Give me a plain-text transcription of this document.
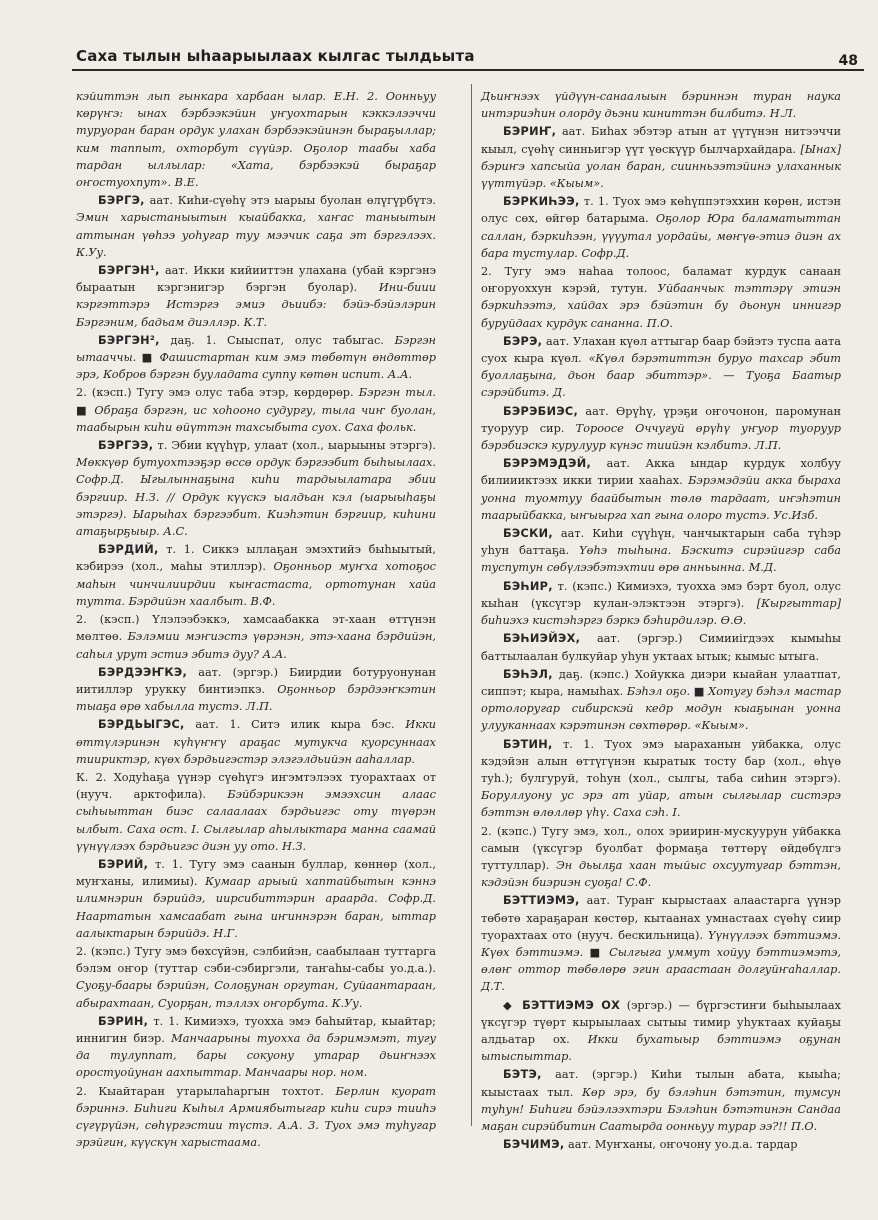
Саха тылын ыһаарыылаах кылгас тылдьыта	48

кэйиттэн лып гынкара харбаан ылар. Е.Н. 2. Оонньуу көрүҥэ: ынах бэрбээкэйин уҥуохтарын кэккэлээччи туруоран баран ордук улахан бэрбээкэйинэн быраҕыллар; ким таппыт, охторбут сүүйэр. Оҕолор таабы хаба тардан ыллылар: «Хата, бэрбээкэй быраҕар оҥостуохпут». В.Е.

БЭРГЭ, аат. Киһи-сүөһү этэ ыарыы буолан өлүгүрбүтэ. Эмин харыстаныытын кыайбакка, хаҥас таныытын аттынан үөһээ уоһугар туу мээчик саҕа эт бэргэлээх. К.Уу.

БЭРГЭН¹, аат. Икки кийииттэн улахана (убай кэргэнэ быраатын кэргэнигэр бэргэн буолар). Ини-биии кэргэттэрэ Истэргэ эмиэ дьиибэ: бэйэ-бэйэлэрин Бэргэним, бадьам диэллэр. К.Т.

БЭРГЭН², даҕ. 1. Сыыспат, олус табыгас. Бэргэн ытааччы. ■ Фашистартан ким эмэ төбөтүн өндөттөр эрэ, Кобров бэргэн бууладата суппу көтөн испит. А.А.

2. (кэсп.) Тугу эмэ олус таба этэр, көрдөрөр. Бэргэн тыл. ■ Обраҕа бэргэн, ис хоһооно судургу, тыла чиҥ буолан, таабырын киһи өйүттэн тахсыбыта суох. Саха фольк.

БЭРГЭЭ, т. Эбии күүһүр, улаат (хол., ыарыыны этэргэ). Мөккүөр бутуохтээҕэр өссө ордук бэргээбит быһыылаах. Софр.Д. Ыгылыннаҕына киһи тардыылатара эбии бэргиир. Н.З. // Ордук күүскэ ыалдьан кэл (ыарыыһаҕы этэргэ). Ыарыһах бэргээбит. Киэһэтин бэргиир, киһини атаҕырҕыыр. А.С.

БЭРДИЙ, т. 1. Сиккэ ыллаҕан эмэхтийэ быһыытый, кэбирээ (хол., маһы этиллэр). Оҕонньор муҥха хотоҕос маһын чинчилиирдии кыҥастаста, ортотунан хайа тутта. Бэрдийэн хаалбыт. В.Ф.

2. (кэсп.) Үлэлээбэккэ, хамсаабакка эт-хаан өттүнэн мөлтөө. Бэлэмии мэҥиэстэ үөрэнэн, этэ-хаана бэрдийэн, саһыл урут эстиэ эбитэ дуу? А.А.

БЭРДЭЭҤКЭ, аат. (эргэр.) Биирдии ботуруонунан иитиллэр урукку бинтиэпкэ. Оҕонньор бэрдээҥкэтин тыаҕа өрө хабылла тустэ. Л.П.

БЭРДЬЫГЭС, аат. 1. Ситэ илик кыра бэс. Икки өттүлэринэн күһүҥҥү араҕас мутукча куорсуннаах тиириктэр, күөх бэрдьигэстэр элэгэлдьийэн ааһаллар.

К. 2. Ходуһаҕа үүнэр сүөһүгэ иҥэмтэлээх туорахтаах от (нууч. арктофила). Бэйбэрикээн эмээхсин алаас сыһыыттан биэс салаалаах бэрдьигэс оту түөрэн ылбыт. Саха ост. І. Сылгылар аһылыктара манна саамай үүнүүлээх бэрдьигэс диэн уу ото. Н.З.

БЭРИЙ, т. 1. Тугу эмэ саанын буллар, көннөр (хол., муҥханы, илимиы). Кумаар арыый хаптайбытын кэннэ илимнэрин бэрийдэ, иирсибиттэрин араарда. Софр.Д. Наартатын хамсаабат гына иҥиннэрэн баран, ыттар аалыктарын бэрийдэ. Н.Г.

2. (кэпс.) Тугу эмэ бөхсүйэн, сэлбийэн, саабылаан туттарга бэлэм оҥор (туттар сэби-сэбиргэли, таҥаһы-сабы уо.д.а.). Суоҕу-баары бэрийэн, Солоҕунан оргутан, Суйаантараан, абырахтаан, Суорҕан, тэллэх оҥорбута. К.Уу.

БЭРИН, т. 1. Кимиэхэ, туохха эмэ баһыйтар, кыайтар; иннигин биэр. Манчаарыны туохха да бэримэмэт, тугу да тулуппат, бары сокуону утарар дьиҥнээх оростуойунан аахпыттар. Манчаары нор. ном.

2. Кыайтаран утарылаһаргын тохтот. Берлин куорат бэриннэ. Биһиги Кыһыл Армиябытыгар киһи сирэ тииһэ сүгүрүйэн, сөһүргэстии түстэ. А.А. 3. Туох эмэ туһугар эрэйгин, күүскүн харыстаама.

Дьиҥнээх үйдүүн-санаалыын бэриннэн туран наука интэриэһин олорду дьэни киниттэн билбитэ. Н.Л.

БЭРИҤ, аат. Биһах эбэтэр атын ат үүтүнэн нитээччи кыыл, сүөһү синньигэр үүт үөскүүр былчархайдара. [Ынах] бэриҥэ хапсыйа уолан баран, сиинньээтэйинэ улаханнык үүттүйэр. «Кыым».

БЭРКИҺЭЭ, т. 1. Туох эмэ көһүппэтэххин көрөн, истэн олус сөх, өйгөр батарыма. Оҕолор Юра баламатыттан саллан, бэркиһээн, үүүутал уордайы, мөҥүө-этиэ диэн ах бара тустулар. Софр.Д.

2. Тугу эмэ наһаа толоос, баламат курдук санаан оҥоруоххун кэрэй, тутун. Уйбаанчык тэттэрү этиэн бэркиһээтэ, хайдах эрэ бэйэтин бу дьонун иннигэр буруйдаах курдук сананна. П.О.

БЭРЭ, аат. Улахан күөл аттыгар баар бэйэтэ туспа аата суох кыра күөл. «Күөл бэрэтиттэн буруо тахсар эбит буоллаҕына, дьон баар эбиттэр». — Туоҕа Баатыр сэрэйбитэ. Д.

БЭРЭБИЭС, аат. Өрүһү, үрэҕи оҥочонон, паромунан туоруур сир. Тороосе Оччугуй өрүһү уҥуор туоруур бэрэбиэскэ курулуур күнэс тиийэн кэлбитэ. Л.П.

БЭРЭМЭДЭЙ, аат. Акка ындар курдук холбуу билиииктээх икки тирии хааһах. Бэрэмэдэйи акка быраха уонна туомтуу баайбытын төлө тардаат, иҥэһэтин таарыйбакка, ыҥыырга хап гына олоро тустэ. Ус.Изб.

БЭСКИ, аат. Киһи сүүһүн, чанчыктарын саба түһэр уһун баттаҕа. Үөһэ тыһына. Бэскитэ сирэйигэр саба туспутун сөбүлээбэтэхтии өрө анньынна. М.Д.

БЭҺИР, т. (кэпс.) Кимиэхэ, туохха эмэ бэрт буол, олус кыһан (үксүгэр кулан-элэктээн этэргэ). [Кыргыттар] биһиэхэ кистэһэргэ бэркэ бэһирдилэр. Ө.Ө.

БЭҺИЭЙЭХ, аат. (эргэр.) Симииirдээх кымыһы баттылаалан булкуйар уһун уктаах ытык; кымыс ытыга.

БЭҺЭЛ, даҕ. (кэпс.) Хойукка диэри кыайан улаатпат, сиппэт; кыра, намыһах. Бэһэл оҕо. ■ Хотугу бэһэл мастар ортолоругар сибирскэй кедр модун кыаҕынан уонна улууканнаах кэрэтинэн сөхтөрөр. «Кыым».

БЭТИН, т. 1. Туох эмэ ыараханын уйбакка, олус кэдэйэн алын өттүгүнэн кыратык тосту бар (хол., өһүө туһ.); булгуруй, тоһун (хол., сылгы, таба сиһин этэргэ). Боруллуону ус эрэ ат уйар, атын сылгылар систэрэ бэттэн өлөллөр үһү. Саха сэһ. І.

2. (кэпс.) Тугу эмэ, хол., олох эриирин-мускуурун уйбакка самын (үксүгэр буолбат формаҕа төттөрү өйдөбүлгэ туттуллар). Эн дьылҕа хаан тыйыс охсуутугар бэттэн, кэдэйэн биэриэн суоҕа! С.Ф.

БЭТТИЭМЭ, аат. Тураҥ кырыстаах алаастарга үүнэр төбөтө хараҕаран көстөр, кытаанах умнастаах сүөһү сиир туорахтаах ото (нууч. бескильница). Үүнүүлээх бэттиэмэ. Күөх бэттиэмэ. ■ Сылгыга уммут хойуу бэттиэмэтэ, өлөҥ оттор төбөлөрө эгин араастаан долгуйҥаһаллар. Д.Т.

◆ БЭТТИЭМЭ ОХ (эргэр.) — бүргэстиҥи быһыылаах үксүгэр түөрт кырыылаах сытыы тимир уһуктаах куйаҕы алдьатар ох. Икки бухатыыр бэттиэмэ оҕунан ытыспыттар.

БЭТЭ, аат. (эргэр.) Киһи тылын абата, кыыһа; кыыстаах тыл. Көр эрэ, бу бэлэһин бэтэтин, тумсун туһун! Биһиги бэйэлээхтэри Бэлэһин бэтэтинэн Сандаа маҕан сирэйбитин Саатырда оонньуу турар ээ?!! П.О.

БЭЧИМЭ, аат. Муҥханы, оҥочону уо.д.а. тардар
